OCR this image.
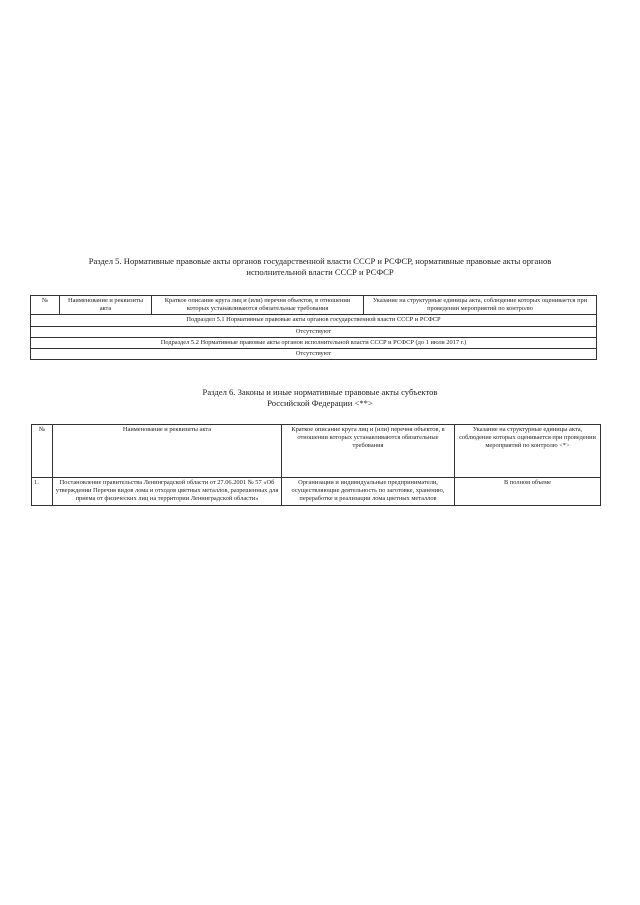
Раздел 5. Нормативные правовые акты органов государственной власти СССР и РСФСР, нормативные правовые акты органов
исполнительной власти СССР и РСФСР
№	Наименование и реквизиты акта	Краткое описание круга лиц и (или) перечня объектов, в отношении которых устанавливаются обязательные требования	Указание на структурные единицы акта, соблюдение которых оценивается при проведении мероприятий по контролю
Подраздел 5.1 Нормативные правовые акты органов государственной власти СССР и РСФСР
Отсутствуют
Подраздел 5.2 Нормативные правовые акты органов исполнительной власти СССР и РСФСР (до 1 июля 2017 г.)
Отсутствуют
Раздел 6. Законы и иные нормативные правовые акты субъектов
Российской Федерации <**>
№	Наименование и реквизиты акта	Краткое описание круга лиц и (или) перечня объектов, в отношении которых устанавливаются обязательные требования	Указание на структурные единицы акта, соблюдение которых оценивается при проведении мероприятий по контролю <*>
1.	Постановление правительства Ленинградской области от 27.06.2001 № 57 «Об утверждении Перечня видов лома и отходов цветных металлов, разрешенных для приема от физических лиц на территории Ленинградской области»	Организации и индивидуальные предприниматели, осуществляющие деятельность по заготовке, хранению, переработке и реализации лома цветных металлов	В полном объеме
